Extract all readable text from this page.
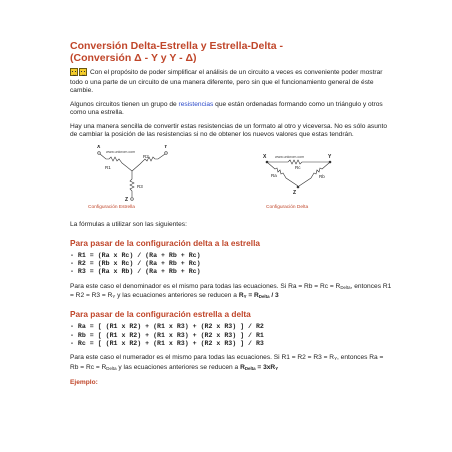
Conversión Delta-Estrella y Estrella-Delta -
(Conversión Δ - Y y Y - Δ)
Con el propósito de poder simplificar el análisis de un circuito a veces es conveniente poder mostrar todo o una parte de un circuito de una manera diferente, pero sin que el funcionamiento general de éste cambie.

Algunos circuitos tienen un grupo de resistencias que están ordenadas formando como un triángulo y otros como una estrella.

Hay una manera sencilla de convertir estas resistencias de un formato al otro y viceversa. No es sólo asunto de cambiar la posición de las resistencias si no de obtener los nuevos valores que estas tendrán.

X	Y
www.unicrom.com
R1
R2
R3
Z
X	Y
www.unicrom.com
Rc
Ra	Rb
Z
Configuración Estrella	Configuración Delta

La fórmulas a utilizar son las siguientes:

Para pasar de la configuración delta a la estrella
- R1 = (Ra x Rc) / (Ra + Rb + Rc)
- R2 = (Rb x Rc) / (Ra + Rb + Rc)
- R3 = (Ra x Rb) / (Ra + Rb + Rc)

Para este caso el denominador es el mismo para todas las ecuaciones. Si $Ra = Rb = Rc = R_{Delta}$, entonces $R1 = R2 = R3 = R_Y$ y las ecuaciones anteriores se reducen a $R_Y = R_{Delta} / 3$

Para pasar de la configuración estrella a delta
- Ra = [ (R1 x R2) + (R1 x R3) + (R2 x R3) ] / R2
- Rb = [ (R1 x R2) + (R1 x R3) + (R2 x R3) ] / R1
- Rc = [ (R1 x R2) + (R1 x R3) + (R2 x R3) ] / R3

Para este caso el numerador es el mismo para todas las ecuaciones. Si $R1 = R2 = R3 = R_Y$, entonces $Ra = Rb = Rc = R_{Delta}$ y las ecuaciones anteriores se reducen a $R_{Delta} = 3xR_Y$

Ejemplo:
